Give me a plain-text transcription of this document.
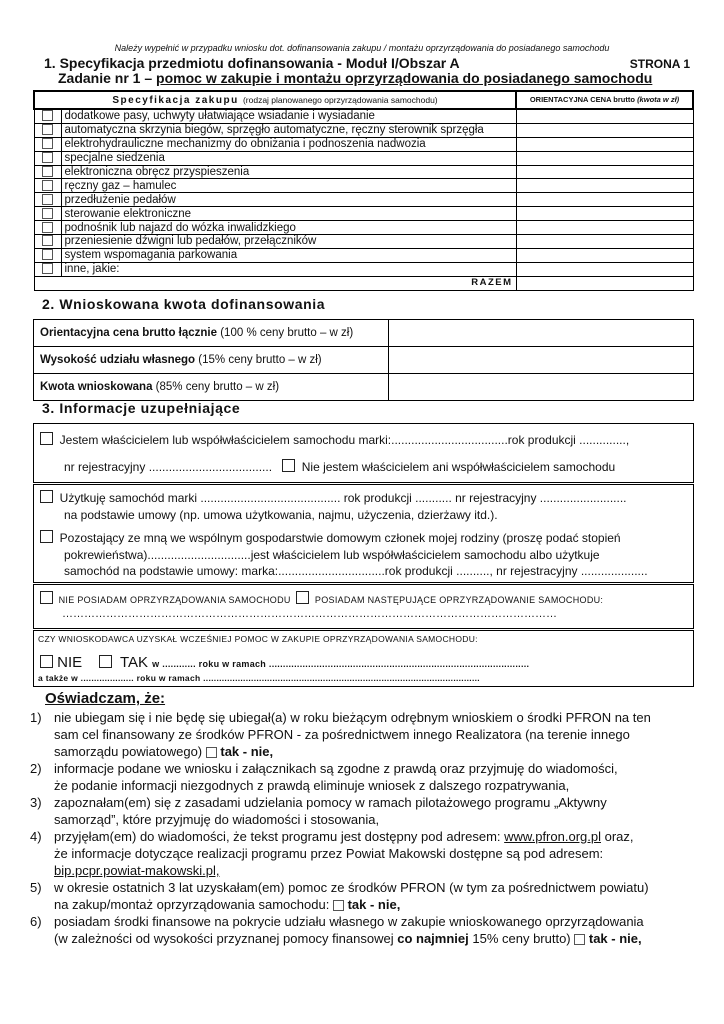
Należy wypełnić w przypadku wniosku dot. dofinansowania zakupu / montażu oprzyrządowania do posiadanego samochodu
1. Specyfikacja przedmiotu dofinansowania - Moduł I/Obszar A	STRONA 1
Zadanie nr 1 – pomoc w zakupie i montażu oprzyrządowania do posiadanego samochodu
Specyfikacja zakupu (rodzaj planowanego oprzyrządowania samochodu)		ORIENTACYJNA CENA brutto (kwota w zł)
	dodatkowe pasy, uchwyty ułatwiające wsiadanie i wysiadanie	
	automatyczna skrzynia biegów, sprzęgło automatyczne, ręczny sterownik sprzęgła	
	elektrohydrauliczne mechanizmy do obniżania i podnoszenia nadwozia	
	specjalne siedzenia	
	elektroniczna obręcz przyspieszenia	
	ręczny gaz – hamulec	
	przedłużenie pedałów	
	sterowanie elektroniczne	
	podnośnik lub najazd do wózka inwalidzkiego	
	przeniesienie dźwigni lub pedałów, przełączników	
	system wspomagania parkowania	
	inne, jakie:	
RAZEM		
2. Wnioskowana kwota dofinansowania
Orientacyjna cena brutto łącznie (100 % ceny brutto – w zł)	
Wysokość udziału własnego (15% ceny brutto – w zł)	
Kwota wnioskowana (85% ceny brutto – w zł)	
3. Informacje uzupełniające
Jestem właścicielem lub współwłaścicielem samochodu marki:...................................rok produkcji ..............,
nr rejestracyjny ..................................... Nie jestem właścicielem ani współwłaścicielem samochodu
Użytkuję samochód marki .......................................... rok produkcji ........... nr rejestracyjny ..........................
na podstawie umowy (np. umowa użytkowania, najmu, użyczenia, dzierżawy itd.).
Pozostający ze mną we wspólnym gospodarstwie domowym członek mojej rodziny (proszę podać stopień
pokrewieństwa)...............................jest właścicielem lub współwłaścicielem samochodu albo użytkuje
samochód na podstawie umowy: marka:................................rok produkcji .........., nr rejestracyjny ....................
NIE POSIADAM OPRZYRZĄDOWANIA SAMOCHODU	POSIADAM NASTĘPUJĄCE OPRZYRZĄDOWANIE SAMOCHODU:
………………………………………………………………………………………………………………………
CZY WNIOSKODAWCA UZYSKAŁ WCZEŚNIEJ POMOC W ZAKUPIE OPRZYRZĄDOWANIA SAMOCHODU:
NIE	TAK w ............ roku w ramach .............................................................................................
a także w .................... roku w ramach ........................................................................................................
Oświadczam, że:
1) nie ubiegam się i nie będę się ubiegał(a) w roku bieżącym odrębnym wnioskiem o środki PFRON na ten
sam cel finansowany ze środków PFRON - za pośrednictwem innego Realizatora (na terenie innego
samorządu powiatowego)  tak - nie,

2) informacje podane we wniosku i załącznikach są zgodne z prawdą oraz przyjmuję do wiadomości,
że podanie informacji niezgodnych z prawdą eliminuje wniosek z dalszego rozpatrywania,

3) zapoznałam(em) się z zasadami udzielania pomocy w ramach pilotażowego programu „Aktywny
samorząd”, które przyjmuję do wiadomości i stosowania,

4) przyjęłam(em) do wiadomości, że tekst programu jest dostępny pod adresem: www.pfron.org.pl oraz,
że informacje dotyczące realizacji programu przez Powiat Makowski dostępne są pod adresem:
bip.pcpr.powiat-makowski.pl,

5) w okresie ostatnich 3 lat uzyskałam(em) pomoc ze środków PFRON (w tym za pośrednictwem powiatu)
na zakup/montaż oprzyrządowania samochodu:  tak - nie,

6) posiadam środki finansowe na pokrycie udziału własnego w zakupie wnioskowanego oprzyrządowania
(w zależności od wysokości przyznanej pomocy finansowej co najmniej 15% ceny brutto)  tak - nie,
